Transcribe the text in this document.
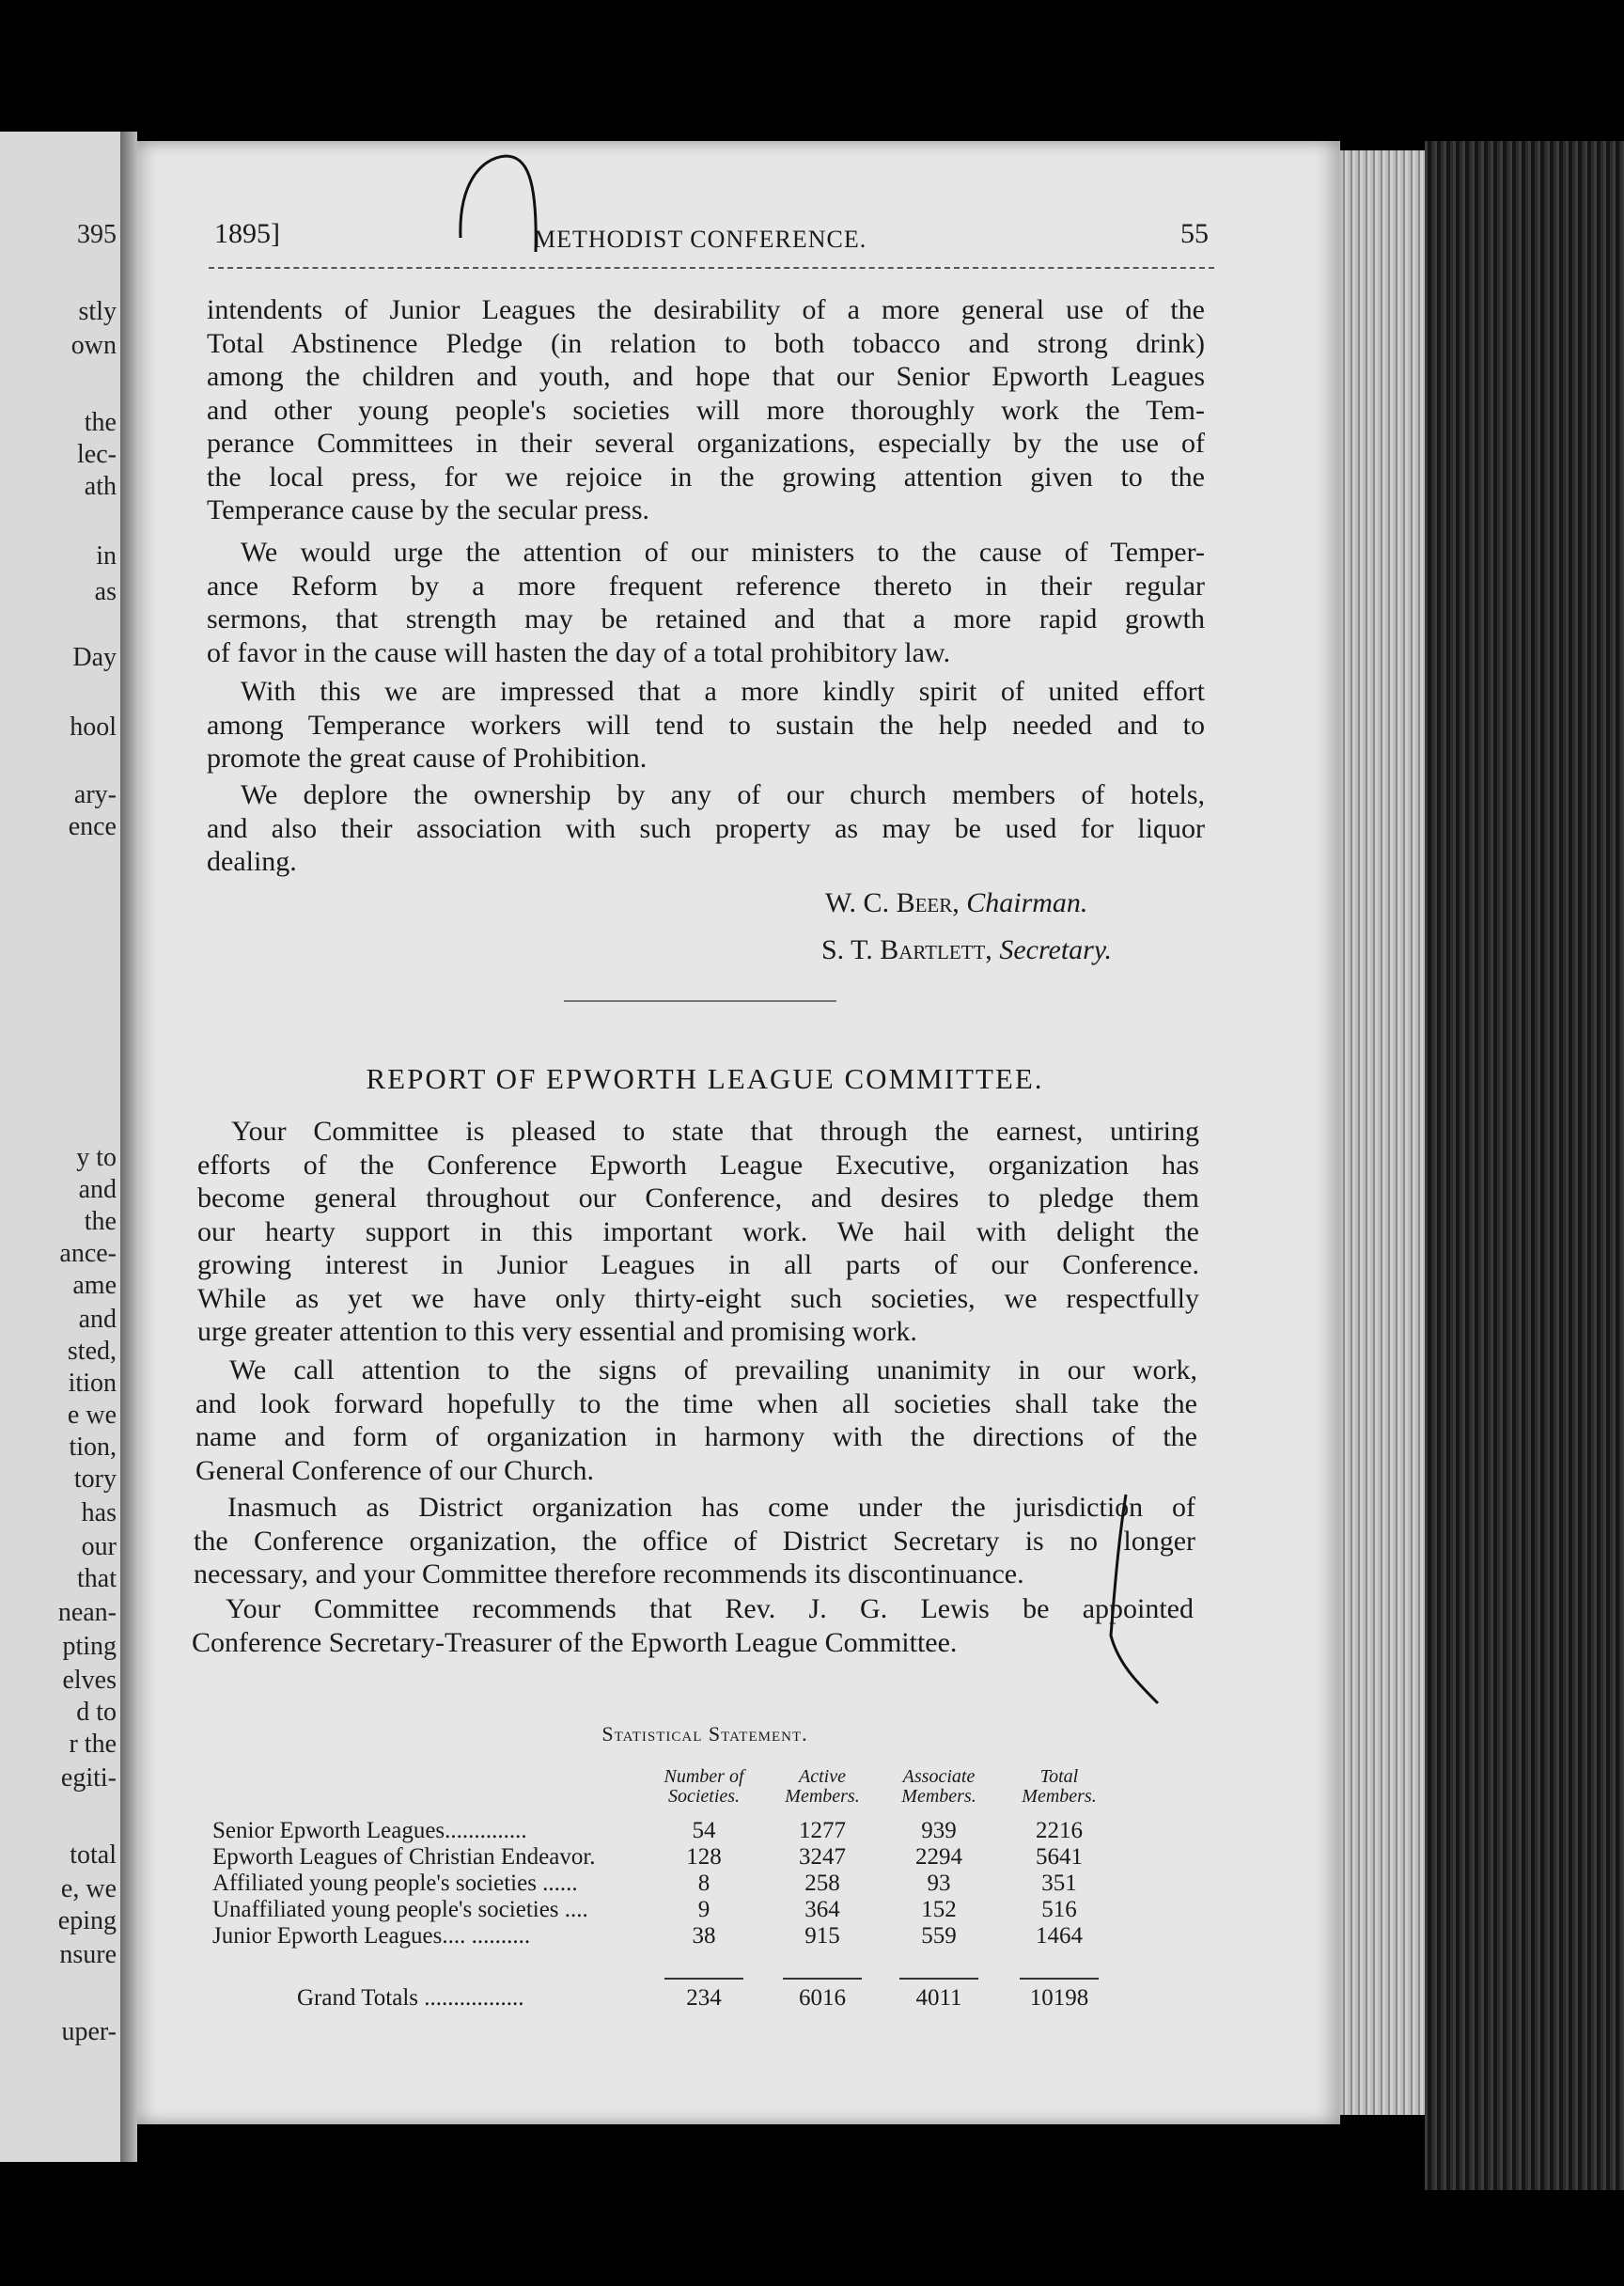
395
stly
own
the
lec-
ath
in
as
Day
hool
ary-
ence
y to
and
the
ance-
ame
and
sted,
ition
e we
tion,
tory
has
our
that
nean-
pting
elves
d to
r the
egiti-
total
e, we
eping
nsure
uper-
1895]	METHODIST CONFERENCE.	55
intendents of Junior Leagues the desirability of a more general use of the
Total Abstinence Pledge (in relation to both tobacco and strong drink)
among the children and youth, and hope that our Senior Epworth Leagues
and other young people's societies will more thoroughly work the Tem-
perance Committees in their several organizations, especially by the use of
the local press, for we rejoice in the growing attention given to the
Temperance cause by the secular press.
We would urge the attention of our ministers to the cause of Temper-
ance Reform by a more frequent reference thereto in their regular
sermons, that strength may be retained and that a more rapid growth
of favor in the cause will hasten the day of a total prohibitory law.
With this we are impressed that a more kindly spirit of united effort
among Temperance workers will tend to sustain the help needed and to
promote the great cause of Prohibition.
We deplore the ownership by any of our church members of hotels,
and also their association with such property as may be used for liquor
dealing.
W. C. Beer, Chairman.
S. T. Bartlett, Secretary.
REPORT OF EPWORTH LEAGUE COMMITTEE.
Your Committee is pleased to state that through the earnest, untiring
efforts of the Conference Epworth League Executive, organization has
become general throughout our Conference, and desires to pledge them
our hearty support in this important work. We hail with delight the
growing interest in Junior Leagues in all parts of our Conference.
While as yet we have only thirty-eight such societies, we respectfully
urge greater attention to this very essential and promising work.
We call attention to the signs of prevailing unanimity in our work,
and look forward hopefully to the time when all societies shall take the
name and form of organization in harmony with the directions of the
General Conference of our Church.
Inasmuch as District organization has come under the jurisdiction of
the Conference organization, the office of District Secretary is no longer
necessary, and your Committee therefore recommends its discontinuance.
Your Committee recommends that Rev. J. G. Lewis be appointed
Conference Secretary-Treasurer of the Epworth League Committee.
Statistical Statement.
Number of
Societies.
Active
Members.
Associate
Members.
Total
Members.
Senior Epworth Leagues..............	54	1277	939	2216
Epworth Leagues of Christian Endeavor.	128	3247	2294	5641
Affiliated young people's societies ......	8	258	93	351
Unaffiliated young people's societies ....	9	364	152	516
Junior Epworth Leagues.... ..........	38	915	559	1464
Grand Totals .................	234	6016	4011	10198
